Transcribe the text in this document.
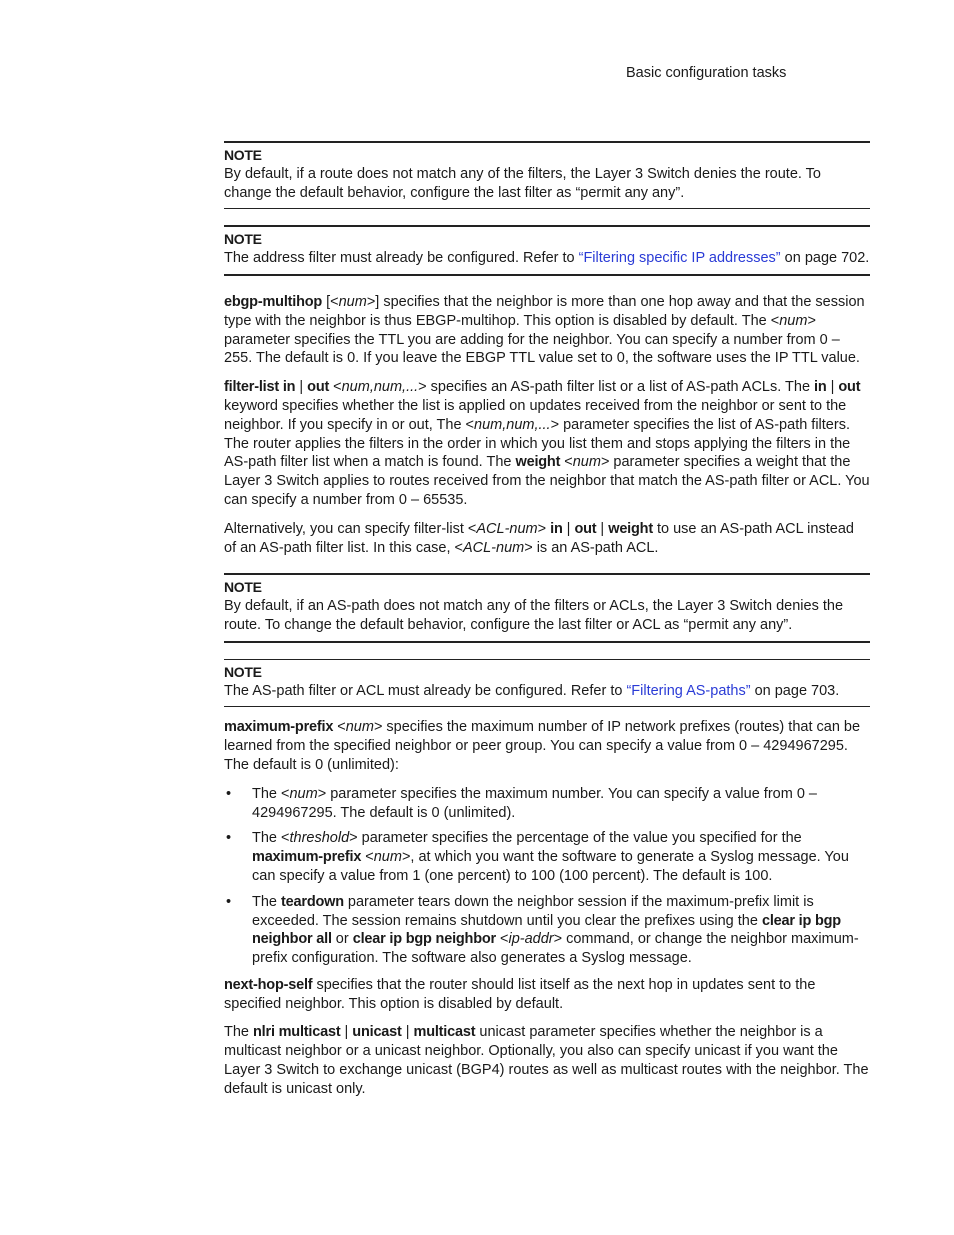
Basic configuration tasks
NOTE
By default, if a route does not match any of the filters, the Layer 3 Switch denies the route. To change the default behavior, configure the last filter as “permit any any”.
NOTE
The address filter must already be configured. Refer to “Filtering specific IP addresses” on page 702.

ebgp-multihop [<num>] specifies that the neighbor is more than one hop away and that the session type with the neighbor is thus EBGP-multihop. This option is disabled by default. The <num> parameter specifies the TTL you are adding for the neighbor. You can specify a number from 0 – 255. The default is 0. If you leave the EBGP TTL value set to 0, the software uses the IP TTL value.

filter-list in | out <num,num,...> specifies an AS-path filter list or a list of AS-path ACLs. The in | out keyword specifies whether the list is applied on updates received from the neighbor or sent to the neighbor. If you specify in or out, The <num,num,...> parameter specifies the list of AS-path filters. The router applies the filters in the order in which you list them and stops applying the filters in the AS-path filter list when a match is found. The weight <num> parameter specifies a weight that the Layer 3 Switch applies to routes received from the neighbor that match the AS-path filter or ACL. You can specify a number from 0 – 65535.

Alternatively, you can specify filter-list <ACL-num> in | out | weight to use an AS-path ACL instead of an AS-path filter list. In this case, <ACL-num> is an AS-path ACL.

NOTE
By default, if an AS-path does not match any of the filters or ACLs, the Layer 3 Switch denies the route. To change the default behavior, configure the last filter or ACL as “permit any any”.
NOTE
The AS-path filter or ACL must already be configured. Refer to “Filtering AS-paths” on page 703.

maximum-prefix <num> specifies the maximum number of IP network prefixes (routes) that can be learned from the specified neighbor or peer group. You can specify a value from 0 – 4294967295. The default is 0 (unlimited):

• The <num> parameter specifies the maximum number. You can specify a value from 0 – 4294967295. The default is 0 (unlimited).
• The <threshold> parameter specifies the percentage of the value you specified for the maximum-prefix <num>, at which you want the software to generate a Syslog message. You can specify a value from 1 (one percent) to 100 (100 percent). The default is 100.
• The teardown parameter tears down the neighbor session if the maximum-prefix limit is exceeded. The session remains shutdown until you clear the prefixes using the clear ip bgp neighbor all or clear ip bgp neighbor <ip-addr> command, or change the neighbor maximum-prefix configuration. The software also generates a Syslog message.

next-hop-self specifies that the router should list itself as the next hop in updates sent to the specified neighbor. This option is disabled by default.

The nlri multicast | unicast | multicast unicast parameter specifies whether the neighbor is a multicast neighbor or a unicast neighbor. Optionally, you also can specify unicast if you want the Layer 3 Switch to exchange unicast (BGP4) routes as well as multicast routes with the neighbor. The default is unicast only.
